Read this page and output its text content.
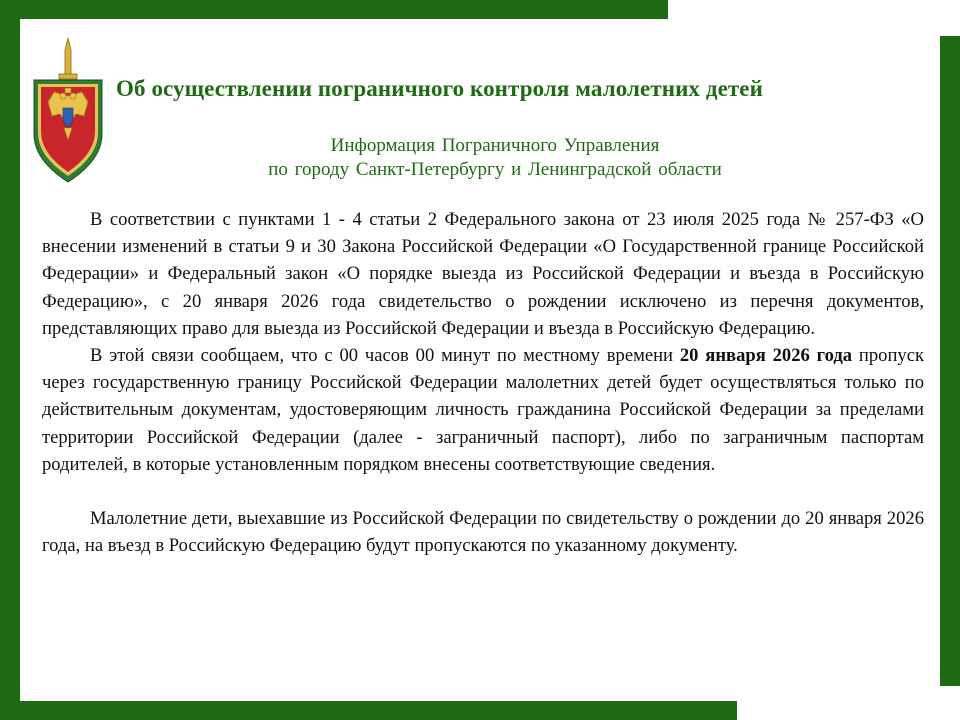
Об осуществлении пограничного контроля малолетних детей
Информация Пограничного Управления
по городу Санкт-Петербургу и Ленинградской области

В соответствии с пунктами 1 - 4 статьи 2 Федерального закона от 23 июля 2025 года № 257-ФЗ «О внесении изменений в статьи 9 и 30 Закона Российской Федерации «О Государственной границе Российской Федерации» и Федеральный закон «О порядке выезда из Российской Федерации и въезда в Российскую Федерацию», с 20 января 2026 года свидетельство о рождении исключено из перечня документов, представляющих право для выезда из Российской Федерации и въезда в Российскую Федерацию.

В этой связи сообщаем, что с 00 часов 00 минут по местному времени 20 января 2026 года пропуск через государственную границу Российской Федерации малолетних детей будет осуществляться только по действительным документам, удостоверяющим личность гражданина Российской Федерации за пределами территории Российской Федерации (далее - заграничный паспорт), либо по заграничным паспортам родителей, в которые установленным порядком внесены соответствующие сведения.

Малолетние дети, выехавшие из Российской Федерации по свидетельству о рождении до 20 января 2026 года, на въезд в Российскую Федерацию будут пропускаются по указанному документу.
